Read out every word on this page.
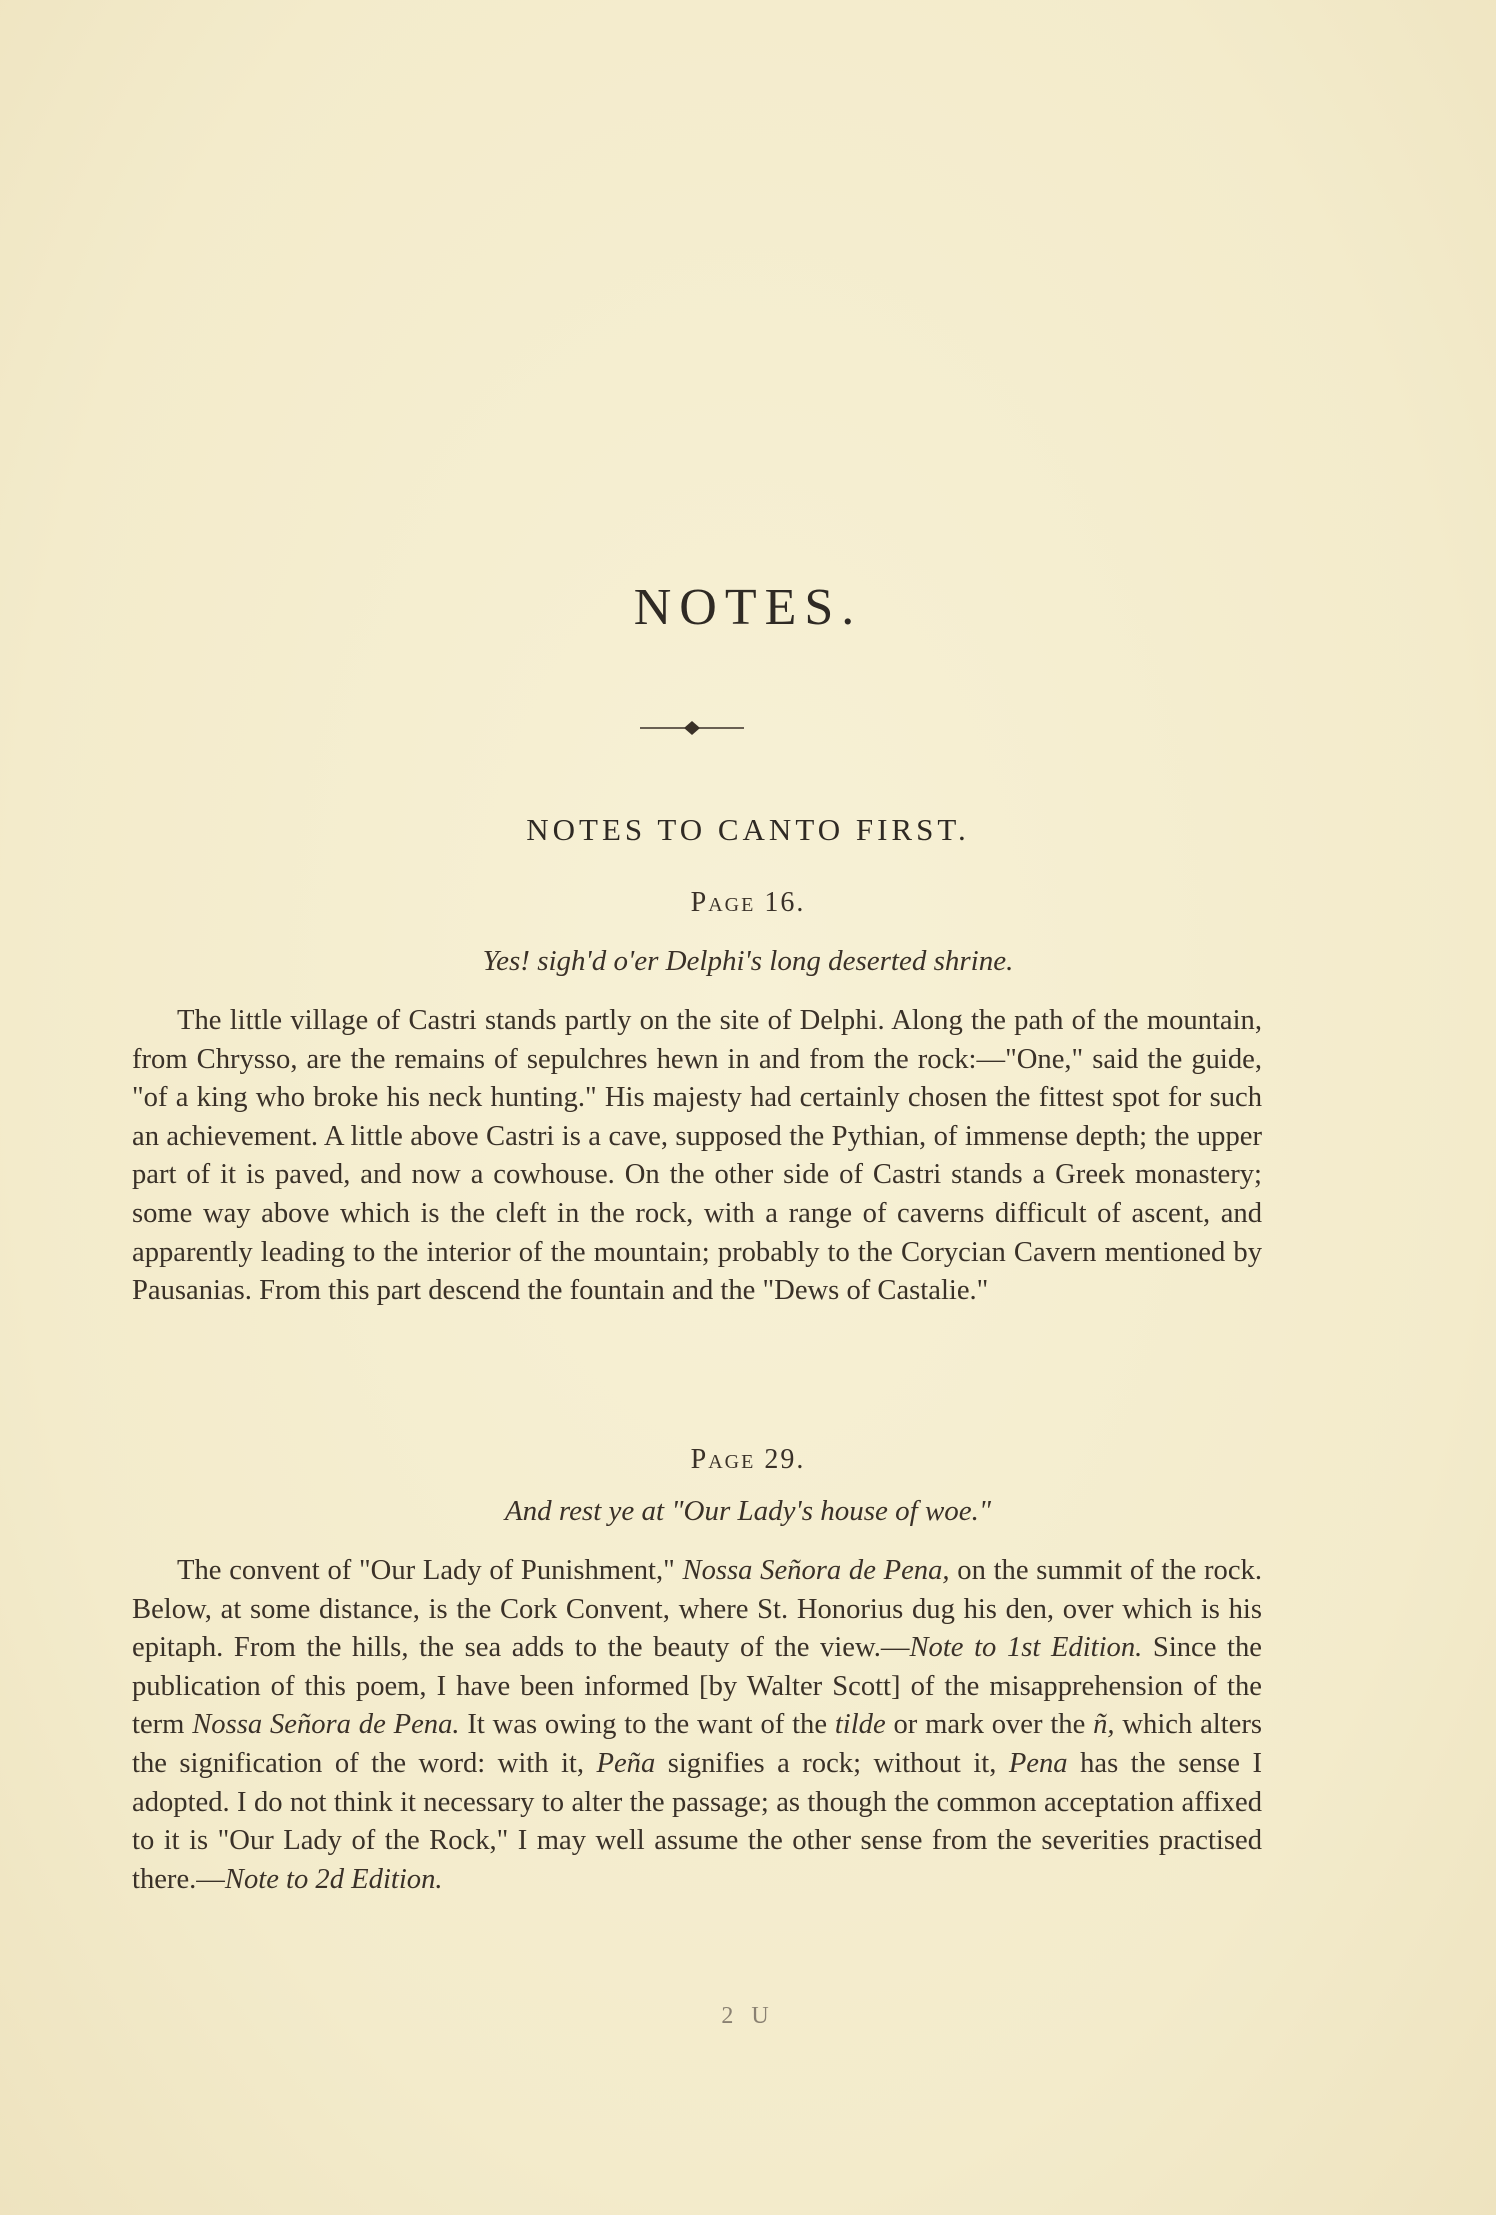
NOTES.
NOTES TO CANTO FIRST.
Page 16.
Yes! sigh'd o'er Delphi's long deserted shrine.

The little village of Castri stands partly on the site of Delphi. Along the path of the mountain, from Chrysso, are the remains of sepulchres hewn in and from the rock:—"One," said the guide, "of a king who broke his neck hunting." His majesty had certainly chosen the fittest spot for such an achievement. A little above Castri is a cave, supposed the Pythian, of immense depth; the upper part of it is paved, and now a cowhouse. On the other side of Castri stands a Greek monastery; some way above which is the cleft in the rock, with a range of caverns difficult of ascent, and apparently leading to the interior of the mountain; probably to the Corycian Cavern mentioned by Pausanias. From this part descend the fountain and the "Dews of Castalie."

Page 29.
And rest ye at "Our Lady's house of woe."

The convent of "Our Lady of Punishment," Nossa Señora de Pena, on the summit of the rock. Below, at some distance, is the Cork Convent, where St. Honorius dug his den, over which is his epitaph. From the hills, the sea adds to the beauty of the view.—Note to 1st Edition. Since the publication of this poem, I have been informed [by Walter Scott] of the misapprehension of the term Nossa Señora de Pena. It was owing to the want of the tilde or mark over the ñ, which alters the signification of the word: with it, Peña signifies a rock; without it, Pena has the sense I adopted. I do not think it necessary to alter the passage; as though the common acceptation affixed to it is "Our Lady of the Rock," I may well assume the other sense from the severities practised there.—Note to 2d Edition.

2 U
